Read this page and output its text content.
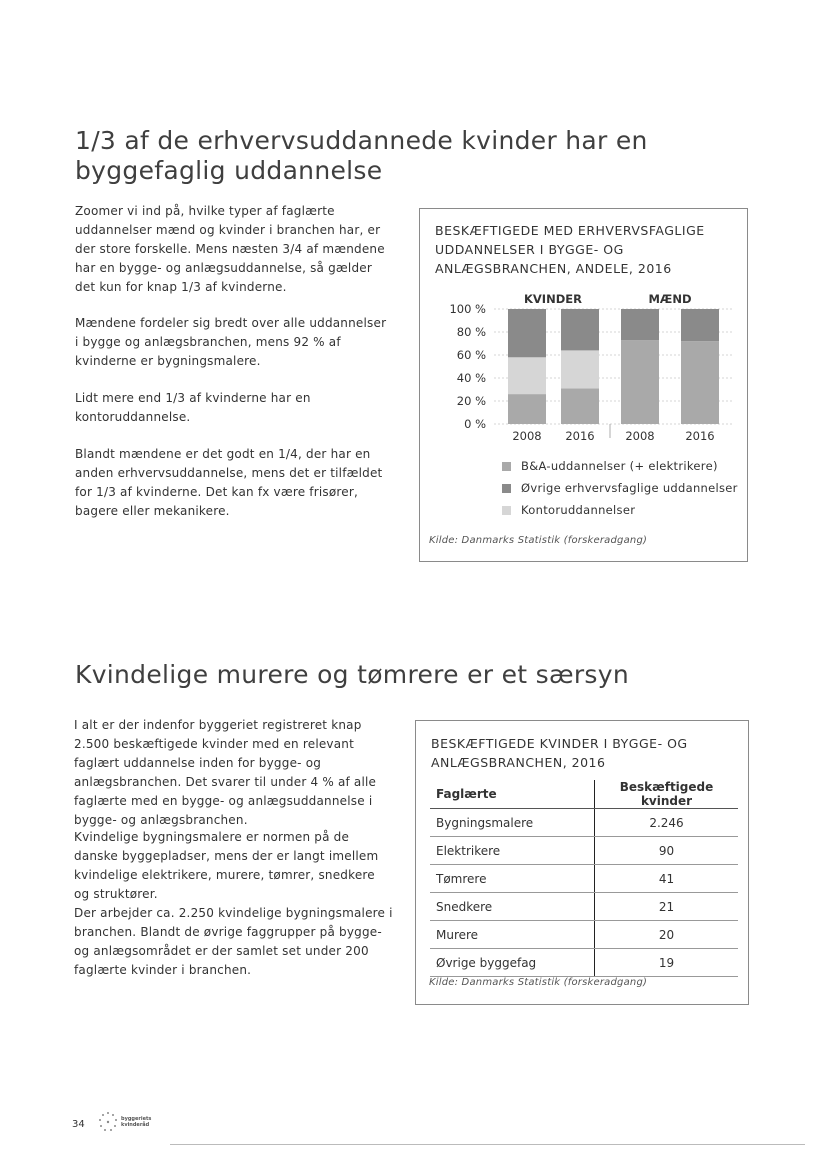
1/3 af de erhvervsuddannede kvinder har en byggefaglig uddannelse

Zoomer vi ind på, hvilke typer af faglærte uddannelser mænd og kvinder i branchen har, er der store forskelle. Mens næsten 3/4 af mændene har en bygge- og anlægsuddannelse, så gælder det kun for knap 1/3 af kvinderne.

Mændene fordeler sig bredt over alle uddannelser i bygge og anlægsbranchen, mens 92 % af kvinderne er bygningsmalere.

Lidt mere end 1/3 af kvinderne har en kontoruddannelse.

Blandt mændene er det godt en 1/4, der har en anden erhvervsuddannelse, mens det er tilfældet for 1/3 af kvinderne. Det kan fx være frisører, bagere eller mekanikere.

BESKÆFTIGEDE MED ERHVERVSFAGLIGE UDDANNELSER I BYGGE- OG ANLÆGSBRANCHEN, ANDELE, 2016
100 %
80 %
60 %
40 %
20 %
0 %
2008 2016	2008	2016
KVINDER	MÆND
B&A-uddannelser (+ elektrikere)
Øvrige erhvervsfaglige uddannelser
Kontoruddannelser
Kilde: Danmarks Statistik (forskeradgang)
Kvindelige murere og tømrere er et særsyn

I alt er der indenfor byggeriet registreret knap 2.500 beskæftigede kvinder med en relevant faglært uddannelse inden for bygge- og anlægsbranchen. Det svarer til under 4 % af alle faglærte med en bygge- og anlægsuddannelse i bygge- og anlægsbranchen.

Kvindelige bygningsmalere er normen på de danske byggepladser, mens der er langt imellem kvindelige elektrikere, murere, tømrer, snedkere og struktører.

Der arbejder ca. 2.250 kvindelige bygningsmalere i branchen. Blandt de øvrige faggrupper på bygge- og anlægsområdet er der samlet set under 200 faglærte kvinder i branchen.

BESKÆFTIGEDE KVINDER I BYGGE- OG ANLÆGSBRANCHEN, 2016
Faglærte	Beskæftigede kvinder
Bygningsmalere	2.246
Elektrikere	90
Tømrere	41
Snedkere	21
Murere	20
Øvrige byggefag	19
Kilde: Danmarks Statistik (forskeradgang)
34	byggeriets kvinderåd
